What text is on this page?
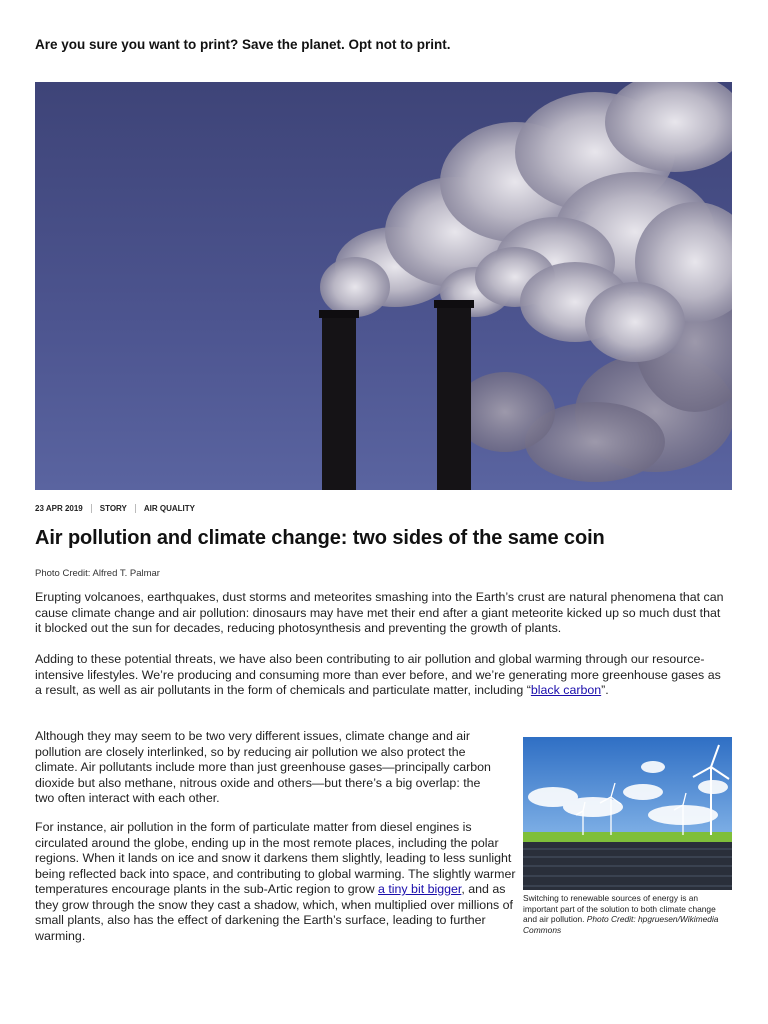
Are you sure you want to print? Save the planet. Opt not to print.
23 APR 2019 STORY AIR QUALITY
Air pollution and climate change: two sides of the same coin
Photo Credit: Alfred T. Palmar

Erupting volcanoes, earthquakes, dust storms and meteorites smashing into the Earth’s crust are natural phenomena that can cause climate change and air pollution: dinosaurs may have met their end after a giant meteorite kicked up so much dust that it blocked out the sun for decades, reducing photosynthesis and preventing the growth of plants.

Adding to these potential threats, we have also been contributing to air pollution and global warming through our resource-intensive lifestyles. We’re producing and consuming more than ever before, and we’re generating more greenhouse gases as a result, as well as air pollutants in the form of chemicals and particulate matter, including “black carbon”.

Although they may seem to be two very different issues, climate change and air pollution are closely interlinked, so by reducing air pollution we also protect the climate. Air pollutants include more than just greenhouse gases—principally carbon dioxide but also methane, nitrous oxide and others—but there’s a big overlap: the two often interact with each other.

For instance, air pollution in the form of particulate matter from diesel engines is circulated around the globe, ending up in the most remote places, including the polar regions. When it lands on ice and snow it darkens them slightly, leading to less sunlight being reflected back into space, and contributing to global warming. The slightly warmer temperatures encourage plants in the sub-Artic region to grow a tiny bit bigger, and as they grow through the snow they cast a shadow, which, when multiplied over millions of small plants, also has the effect of darkening the Earth’s surface, leading to further warming.

Switching to renewable sources of energy is an important part of the solution to both climate change and air pollution. Photo Credit: hpgruesen/Wikimedia Commons
